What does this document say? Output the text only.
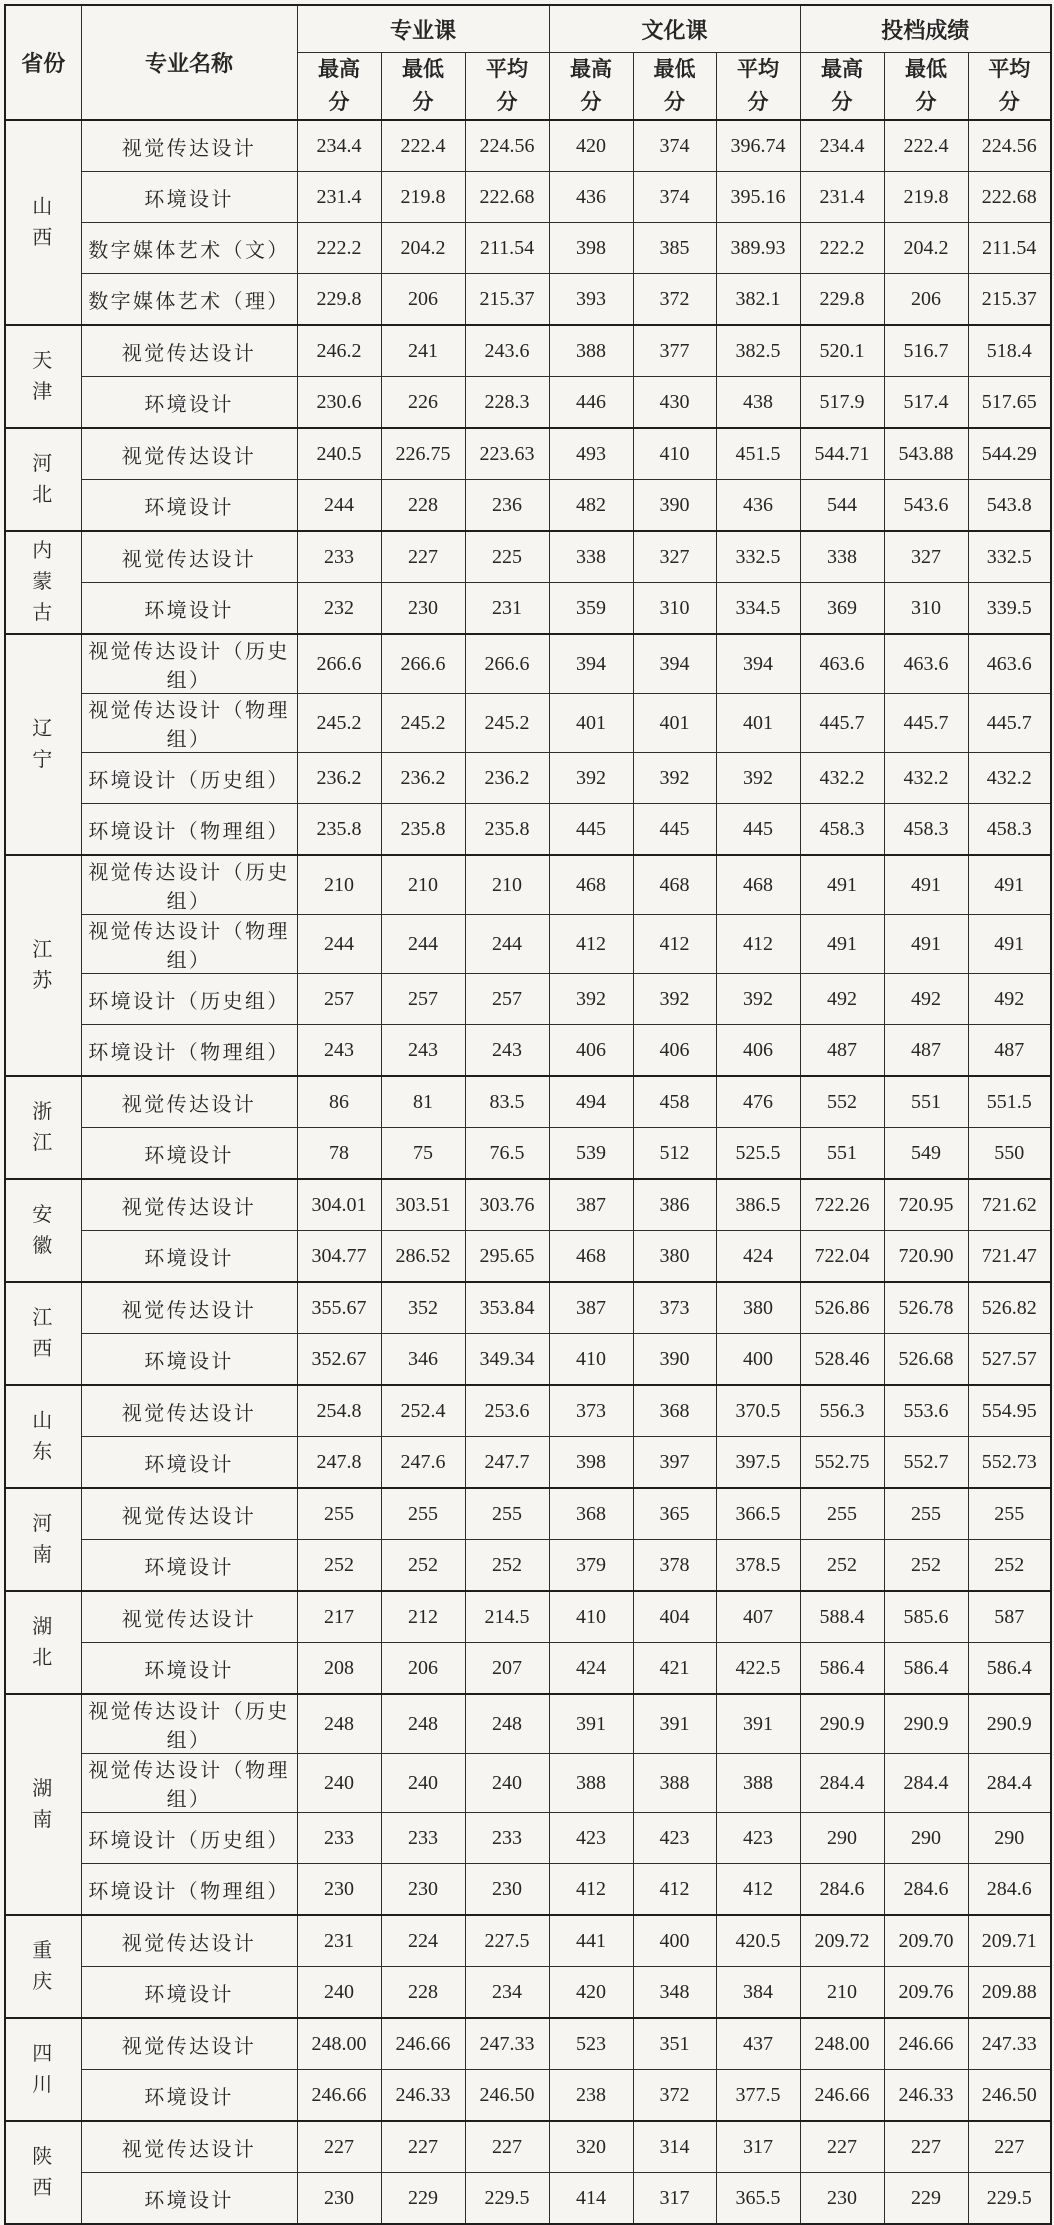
省份	专业名称	专业课			文化课			投档成绩		
		最高分	最低分	平均分	最高分	最低分	平均分	最高分	最低分	平均分
山西	视觉传达设计	234.4	222.4	224.56	420	374	396.74	234.4	222.4	224.56
	环境设计	231.4	219.8	222.68	436	374	395.16	231.4	219.8	222.68
	数字媒体艺术（文）	222.2	204.2	211.54	398	385	389.93	222.2	204.2	211.54
	数字媒体艺术（理）	229.8	206	215.37	393	372	382.1	229.8	206	215.37
天津	视觉传达设计	246.2	241	243.6	388	377	382.5	520.1	516.7	518.4
	环境设计	230.6	226	228.3	446	430	438	517.9	517.4	517.65
河北	视觉传达设计	240.5	226.75	223.63	493	410	451.5	544.71	543.88	544.29
	环境设计	244	228	236	482	390	436	544	543.6	543.8
内蒙古	视觉传达设计	233	227	225	338	327	332.5	338	327	332.5
	环境设计	232	230	231	359	310	334.5	369	310	339.5
辽宁	视觉传达设计（历史组）	266.6	266.6	266.6	394	394	394	463.6	463.6	463.6
	视觉传达设计（物理组）	245.2	245.2	245.2	401	401	401	445.7	445.7	445.7
	环境设计（历史组）	236.2	236.2	236.2	392	392	392	432.2	432.2	432.2
	环境设计（物理组）	235.8	235.8	235.8	445	445	445	458.3	458.3	458.3
江苏	视觉传达设计（历史组）	210	210	210	468	468	468	491	491	491
	视觉传达设计（物理组）	244	244	244	412	412	412	491	491	491
	环境设计（历史组）	257	257	257	392	392	392	492	492	492
	环境设计（物理组）	243	243	243	406	406	406	487	487	487
浙江	视觉传达设计	86	81	83.5	494	458	476	552	551	551.5
	环境设计	78	75	76.5	539	512	525.5	551	549	550
安徽	视觉传达设计	304.01	303.51	303.76	387	386	386.5	722.26	720.95	721.62
	环境设计	304.77	286.52	295.65	468	380	424	722.04	720.90	721.47
江西	视觉传达设计	355.67	352	353.84	387	373	380	526.86	526.78	526.82
	环境设计	352.67	346	349.34	410	390	400	528.46	526.68	527.57
山东	视觉传达设计	254.8	252.4	253.6	373	368	370.5	556.3	553.6	554.95
	环境设计	247.8	247.6	247.7	398	397	397.5	552.75	552.7	552.73
河南	视觉传达设计	255	255	255	368	365	366.5	255	255	255
	环境设计	252	252	252	379	378	378.5	252	252	252
湖北	视觉传达设计	217	212	214.5	410	404	407	588.4	585.6	587
	环境设计	208	206	207	424	421	422.5	586.4	586.4	586.4
湖南	视觉传达设计（历史组）	248	248	248	391	391	391	290.9	290.9	290.9
	视觉传达设计（物理组）	240	240	240	388	388	388	284.4	284.4	284.4
	环境设计（历史组）	233	233	233	423	423	423	290	290	290
	环境设计（物理组）	230	230	230	412	412	412	284.6	284.6	284.6
重庆	视觉传达设计	231	224	227.5	441	400	420.5	209.72	209.70	209.71
	环境设计	240	228	234	420	348	384	210	209.76	209.88
四川	视觉传达设计	248.00	246.66	247.33	523	351	437	248.00	246.66	247.33
	环境设计	246.66	246.33	246.50	238	372	377.5	246.66	246.33	246.50
陕西	视觉传达设计	227	227	227	320	314	317	227	227	227
	环境设计	230	229	229.5	414	317	365.5	230	229	229.5
